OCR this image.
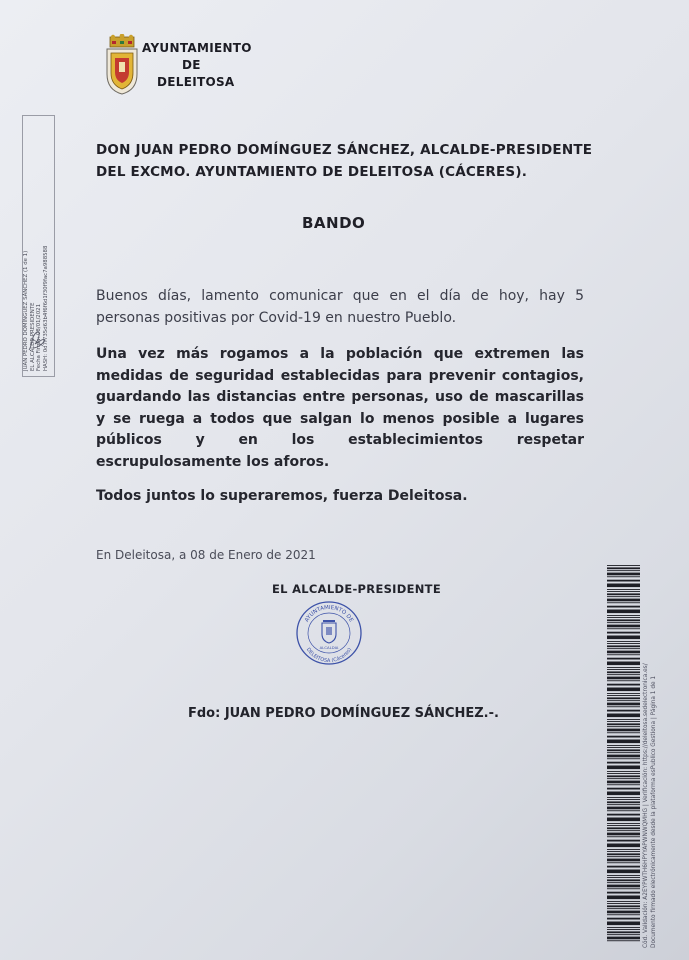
AYUNTAMIENTO
DE
DELEITOSA
JUAN PEDRO DOMÍNGUEZ SÁNCHEZ (1 de 1) EL ALCALDE-PRESIDENTE Fecha Firma: 08/01/2021 HASH: 0d7f735d63b4f6f6d1f30f9fac7a988588
DON JUAN PEDRO DOMÍNGUEZ SÁNCHEZ, ALCALDE-PRESIDENTE
DEL EXCMO. AYUNTAMIENTO DE DELEITOSA (CÁCERES).
BANDO
Buenos días, lamento comunicar que en el día de hoy, hay 5 personas positivas por Covid-19 en nuestro Pueblo.
Una vez más rogamos a la población que extremen las medidas de seguridad establecidas para prevenir contagios, guardando las distancias entre personas, uso de mascarillas y se ruega a todos que salgan lo menos posible a lugares públicos y en los establecimientos respetar escrupulosamente los aforos.
Todos juntos lo superaremos, fuerza Deleitosa.
En Deleitosa, a 08 de Enero de 2021
EL ALCALDE-PRESIDENTE
AYUNTAMIENTO DE
DELEITOSA (Cáceres)
ALCALDIA
Fdo: JUAN PEDRO DOMÍNGUEZ SÁNCHEZ.-.	Cód. Validación: A2EYPWTH6HPYYAPWNWQMHG | Verificación: https://deleitosa.sedelectronica.es/ Documento firmado electrónicamente desde la plataforma esPublico Gestiona | Página 1 de 1
